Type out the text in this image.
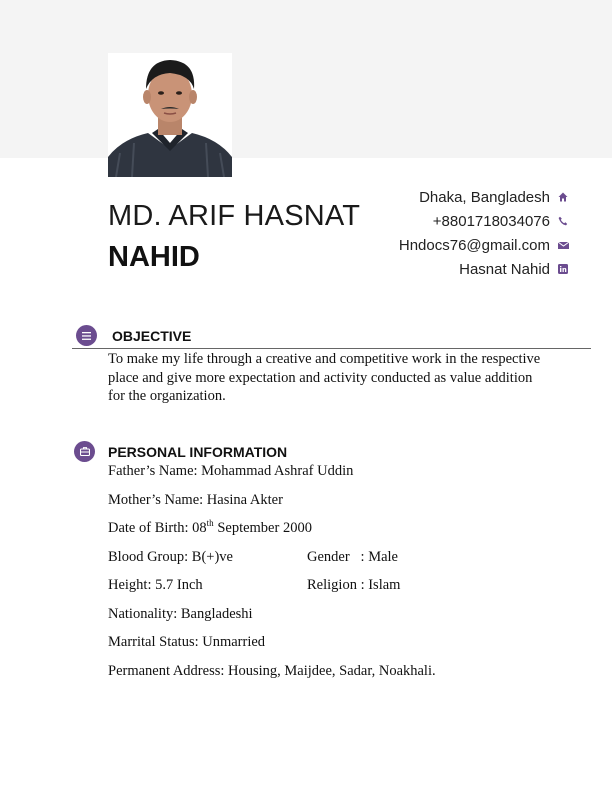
MD. ARIF HASNAT
NAHID
Dhaka, Bangladesh
+8801718034076
Hndocs76@gmail.com
Hasnat Nahid
OBJECTIVE
To make my life through a creative and competitive work in the respective place and give more expectation and activity conducted as value addition for the organization.
PERSONAL INFORMATION
Father’s Name: Mohammad Ashraf Uddin
Mother’s Name: Hasina Akter
Date of Birth: 08th September 2000
Blood Group: B(+)ve	Gender   : Male
Height: 5.7 Inch	Religion : Islam
Nationality: Bangladeshi
Marrital Status: Unmarried
Permanent Address: Housing, Maijdee, Sadar, Noakhali.
